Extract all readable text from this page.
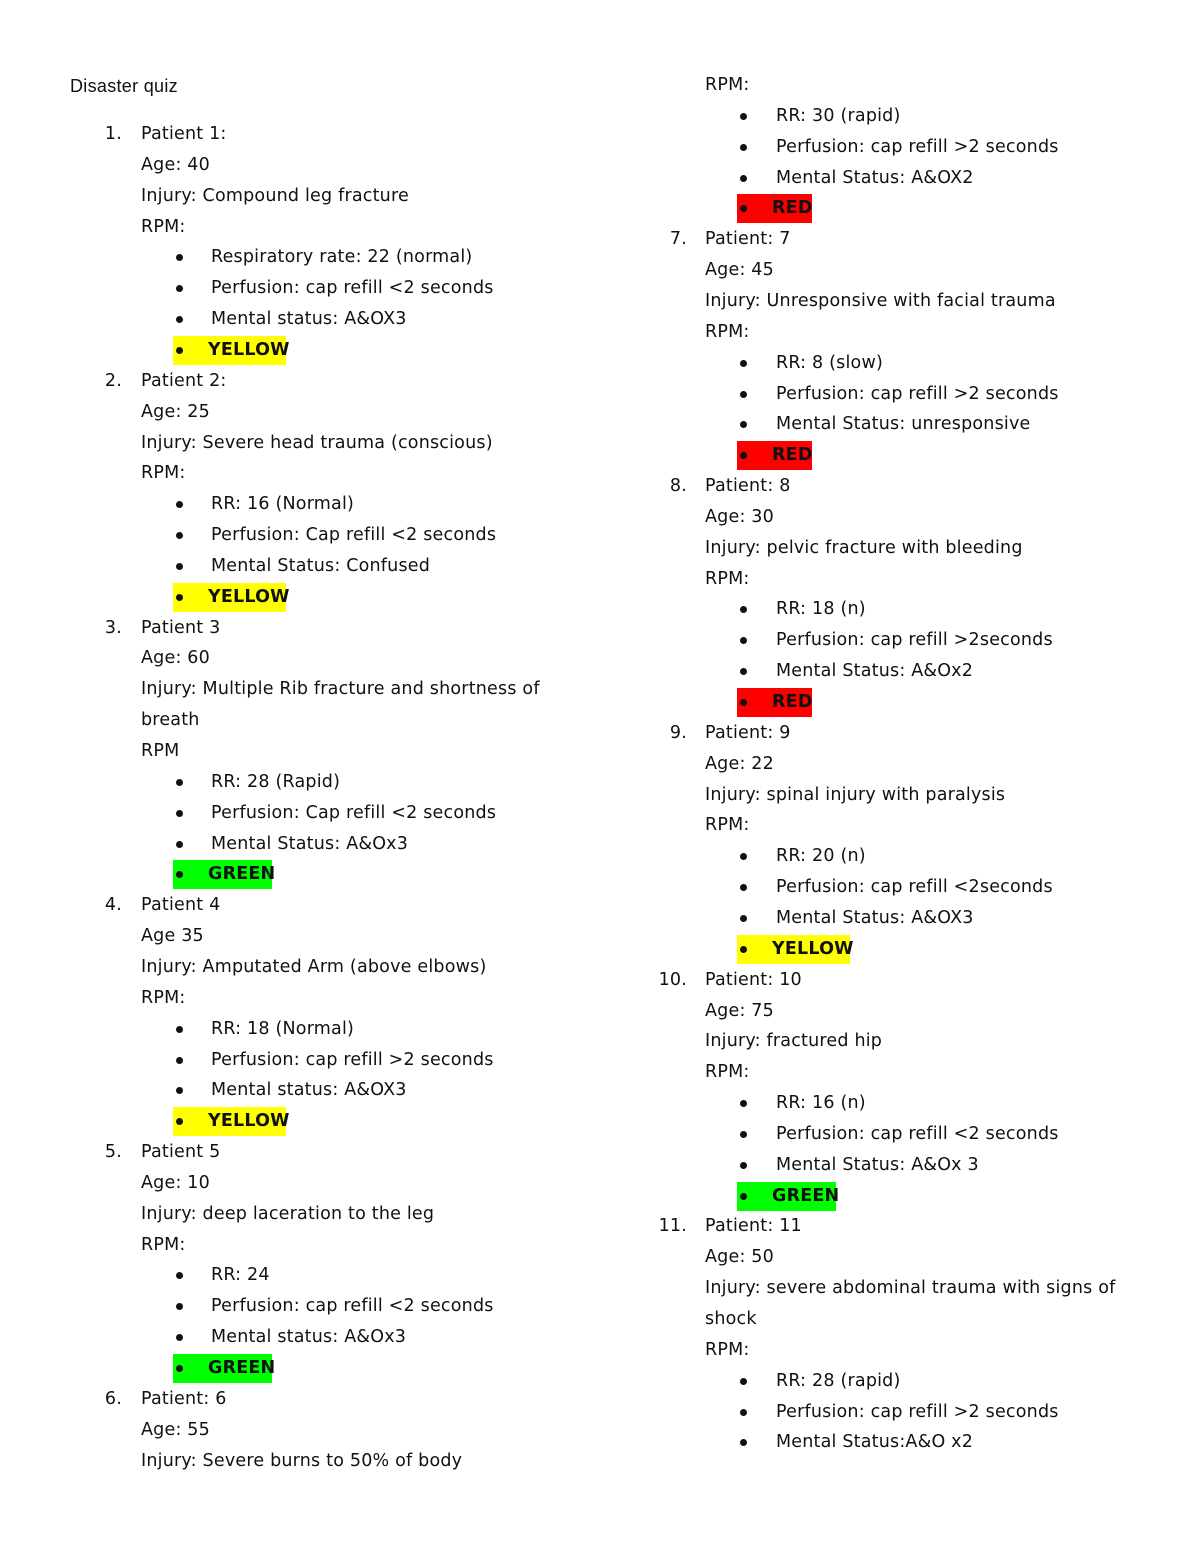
Disaster quiz
1. Patient 1:
Age: 40
Injury: Compound leg fracture
RPM:
Respiratory rate: 22 (normal)
Perfusion: cap refill <2 seconds
Mental status: A&OX3
YELLOW
2. Patient 2:
Age: 25
Injury: Severe head trauma (conscious)
RPM:
RR: 16 (Normal)
Perfusion: Cap refill <2 seconds
Mental Status: Confused
YELLOW
3. Patient 3
Age: 60
Injury: Multiple Rib fracture and shortness of
breath
RPM
RR: 28 (Rapid)
Perfusion: Cap refill <2 seconds
Mental Status: A&Ox3
GREEN
4. Patient 4
Age 35
Injury: Amputated Arm (above elbows)
RPM:
RR: 18 (Normal)
Perfusion: cap refill >2 seconds
Mental status: A&OX3
YELLOW
5. Patient 5
Age: 10
Injury: deep laceration to the leg
RPM:
RR: 24
Perfusion: cap refill <2 seconds
Mental status: A&Ox3
GREEN
6. Patient: 6
Age: 55
Injury: Severe burns to 50% of body
RPM:
RR: 30 (rapid)
Perfusion: cap refill >2 seconds
Mental Status: A&OX2
RED
7. Patient: 7
Age: 45
Injury: Unresponsive with facial trauma
RPM:
RR: 8 (slow)
Perfusion: cap refill >2 seconds
Mental Status: unresponsive
RED
8. Patient: 8
Age: 30
Injury: pelvic fracture with bleeding
RPM:
RR: 18 (n)
Perfusion: cap refill >2seconds
Mental Status: A&Ox2
RED
9. Patient: 9
Age: 22
Injury: spinal injury with paralysis
RPM:
RR: 20 (n)
Perfusion: cap refill <2seconds
Mental Status: A&OX3
YELLOW
10. Patient: 10
Age: 75
Injury: fractured hip
RPM:
RR: 16 (n)
Perfusion: cap refill <2 seconds
Mental Status: A&Ox 3
GREEN
11. Patient: 11
Age: 50
Injury: severe abdominal trauma with signs of
shock
RPM:
RR: 28 (rapid)
Perfusion: cap refill >2 seconds
Mental Status:A&O x2
